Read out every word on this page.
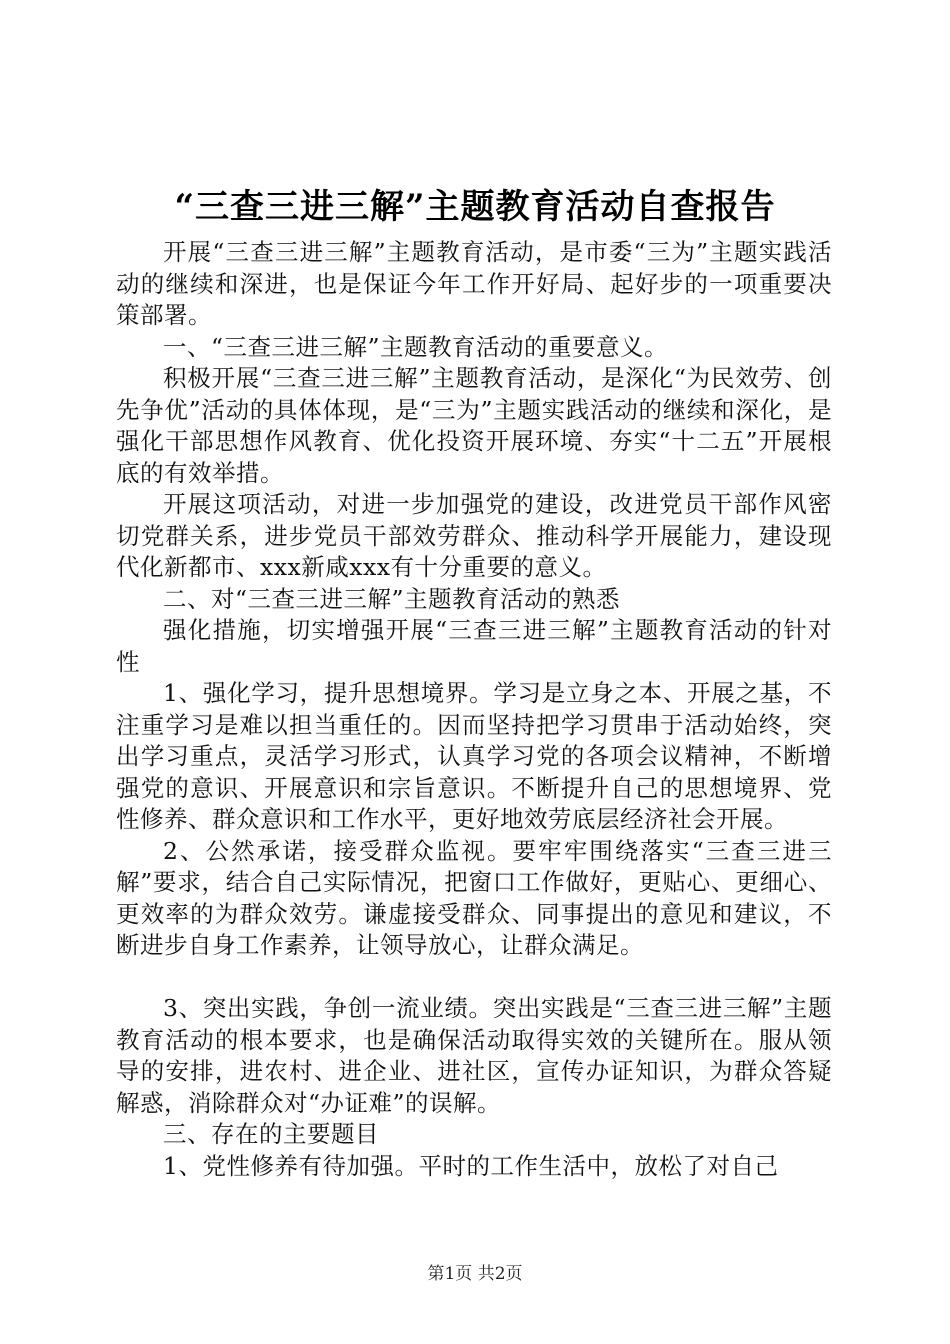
“三查三进三解”主题教育活动自查报告

开展“三查三进三解”主题教育活动，是市委“三为”主题实践活动的继续和深进，也是保证今年工作开好局、起好步的一项重要决策部署。

一、“三查三进三解”主题教育活动的重要意义。

积极开展“三查三进三解”主题教育活动，是深化“为民效劳、创先争优”活动的具体体现，是“三为”主题实践活动的继续和深化，是强化干部思想作风教育、优化投资开展环境、夯实“十二五”开展根底的有效举措。

开展这项活动，对进一步加强党的建设，改进党员干部作风密切党群关系，进步党员干部效劳群众、推动科学开展能力，建设现代化新都市、xxx新咸xxx有十分重要的意义。

二、对“三查三进三解”主题教育活动的熟悉

强化措施，切实增强开展“三查三进三解”主题教育活动的针对性

1、强化学习，提升思想境界。学习是立身之本、开展之基，不注重学习是难以担当重任的。因而坚持把学习贯串于活动始终，突出学习重点，灵活学习形式，认真学习党的各项会议精神，不断增强党的意识、开展意识和宗旨意识。不断提升自己的思想境界、党性修养、群众意识和工作水平，更好地效劳底层经济社会开展。

2、公然承诺，接受群众监视。要牢牢围绕落实“三查三进三解”要求，结合自己实际情况，把窗口工作做好，更贴心、更细心、更效率的为群众效劳。谦虚接受群众、同事提出的意见和建议，不断进步自身工作素养，让领导放心，让群众满足。

3、突出实践，争创一流业绩。突出实践是“三查三进三解”主题教育活动的根本要求，也是确保活动取得实效的关键所在。服从领导的安排，进农村、进企业、进社区，宣传办证知识，为群众答疑解惑，消除群众对“办证难”的误解。

三、存在的主要题目

1、党性修养有待加强。平时的工作生活中，放松了对自己

第1页 共2页
